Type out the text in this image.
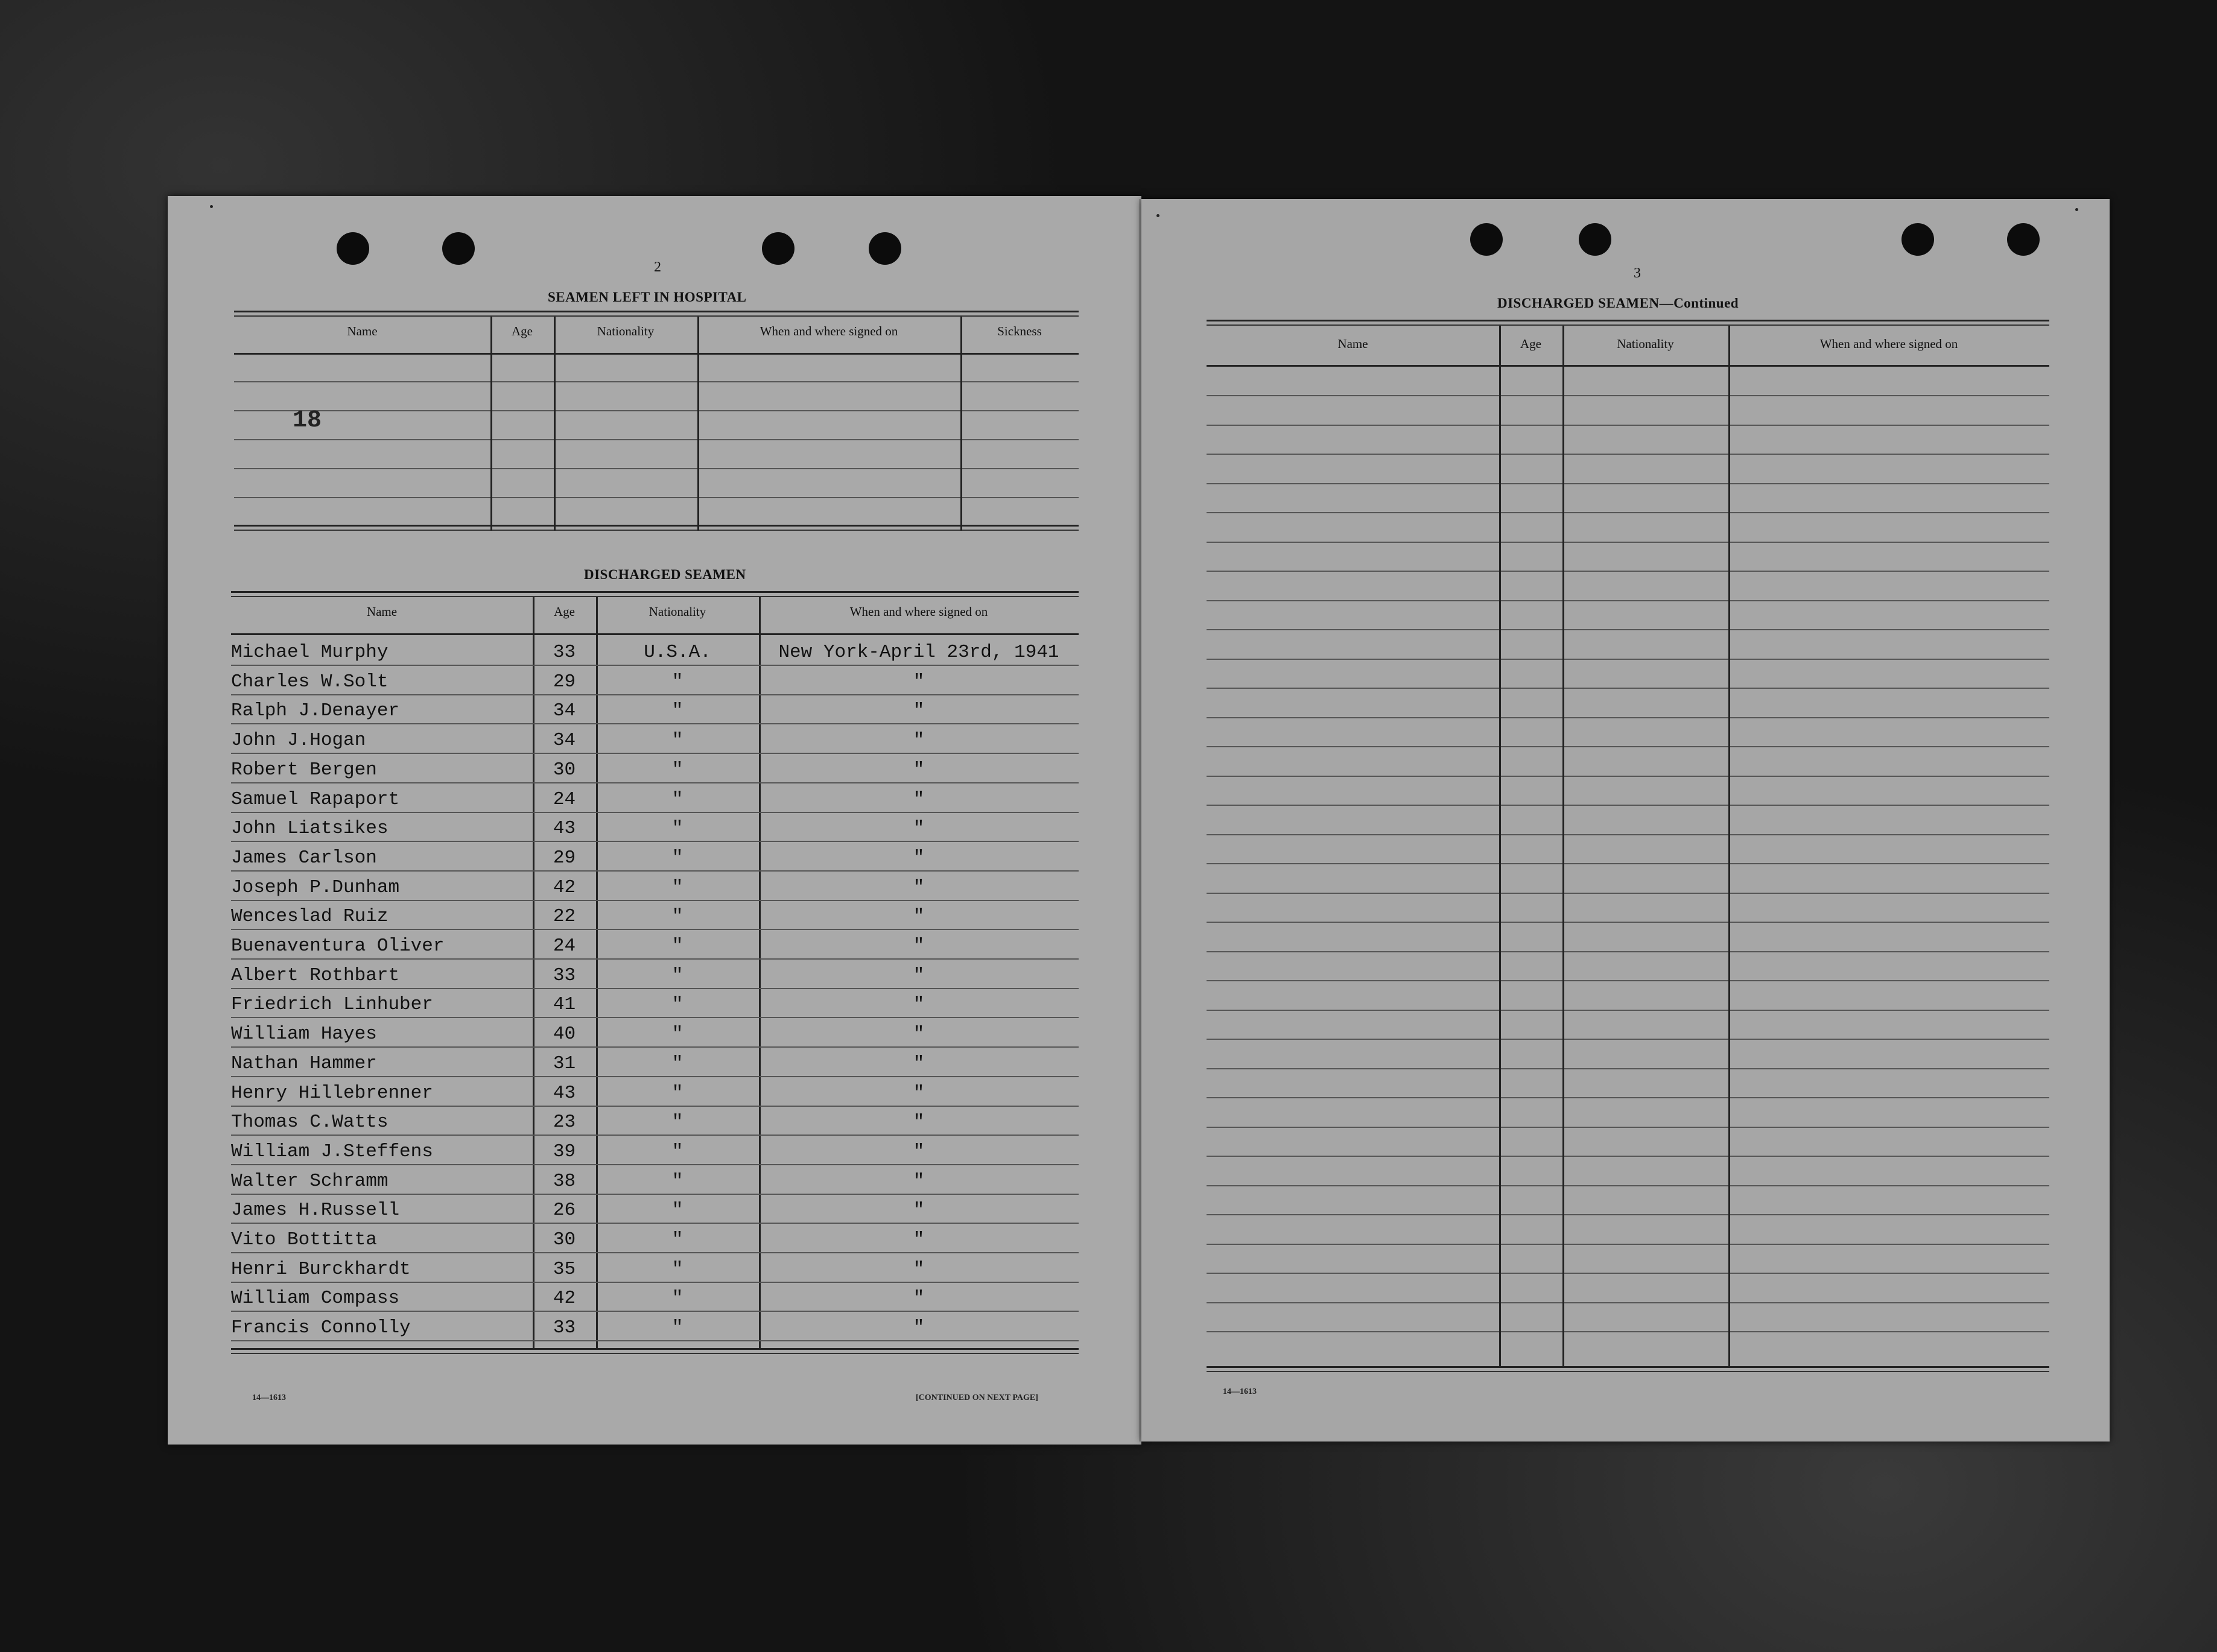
2
SEAMEN LEFT IN HOSPITAL
Name	Age	Nationality	When and where signed on	Sickness
18
DISCHARGED SEAMEN
Name	Age	Nationality	When and where signed on
Michael Murphy	33	U.S.A.	New York-April 23rd, 1941
Charles W.Solt	29	"	"
Ralph J.Denayer	34	"	"
John J.Hogan	34	"	"
Robert Bergen	30	"	"
Samuel Rapaport	24	"	"
John Liatsikes	43	"	"
James Carlson	29	"	"
Joseph P.Dunham	42	"	"
Wenceslad Ruiz	22	"	"
Buenaventura Oliver	24	"	"
Albert Rothbart	33	"	"
Friedrich Linhuber	41	"	"
William Hayes	40	"	"
Nathan Hammer	31	"	"
Henry Hillebrenner	43	"	"
Thomas C.Watts	23	"	"
William J.Steffens	39	"	"
Walter Schramm	38	"	"
James H.Russell	26	"	"
Vito Bottitta	30	"	"
Henri Burckhardt	35	"	"
William Compass	42	"	"
Francis Connolly	33	"	"
14—1613	[CONTINUED ON NEXT PAGE]
3
DISCHARGED SEAMEN—Continued
Name	Age	Nationality	When and where signed on
14—1613
